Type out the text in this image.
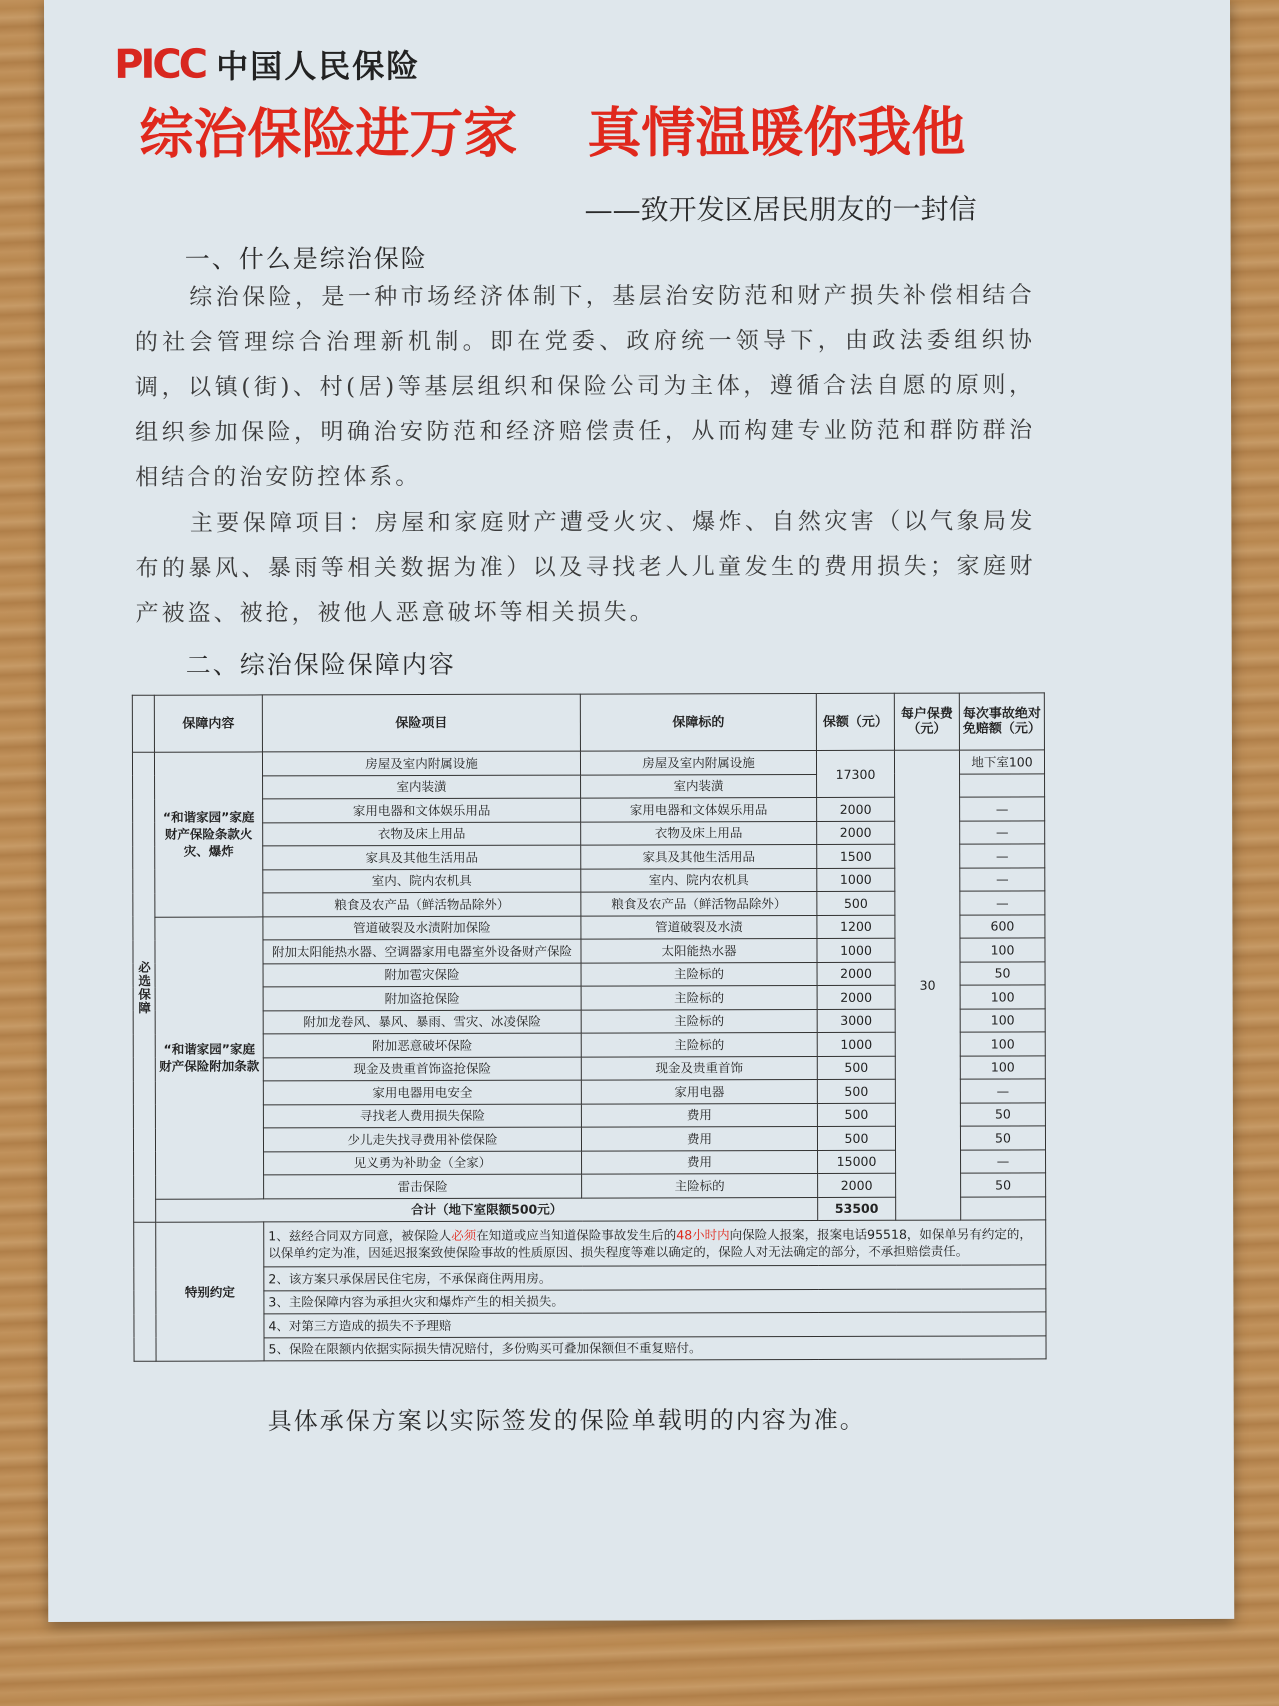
PICC 中国人民保险
综治保险进万家 真情温暖你我他
——致开发区居民朋友的一封信
一、什么是综治保险
综治保险，是一种市场经济体制下，基层治安防范和财产损失补偿相结合的社会管理综合治理新机制。即在党委、政府统一领导下，由政法委组织协调，以镇(街)、村(居)等基层组织和保险公司为主体，遵循合法自愿的原则，组织参加保险，明确治安防范和经济赔偿责任，从而构建专业防范和群防群治相结合的治安防控体系。
主要保障项目：房屋和家庭财产遭受火灾、爆炸、自然灾害（以气象局发布的暴风、暴雨等相关数据为准）以及寻找老人儿童发生的费用损失；家庭财产被盗、被抢，被他人恶意破坏等相关损失。
二、综治保险保障内容
	保障内容	保险项目	保障标的	保额（元）	每户保费（元）	每次事故绝对免赔额（元）
必选保障	“和谐家园”家庭财产保险条款火灾、爆炸	房屋及室内附属设施	房屋及室内附属设施	17300	30	地下室100
		室内装潢	室内装潢			
		家用电器和文体娱乐用品	家用电器和文体娱乐用品	2000		—
		衣物及床上用品	衣物及床上用品	2000		—
		家具及其他生活用品	家具及其他生活用品	1500		—
		室内、院内农机具	室内、院内农机具	1000		—
		粮食及农产品（鲜活物品除外）	粮食及农产品（鲜活物品除外）	500		—
	“和谐家园”家庭财产保险附加条款	管道破裂及水渍附加保险	管道破裂及水渍	1200		600
		附加太阳能热水器、空调器家用电器室外设备财产保险	太阳能热水器	1000		100
		附加雹灾保险	主险标的	2000		50
		附加盗抢保险	主险标的	2000		100
		附加龙卷风、暴风、暴雨、雪灾、冰凌保险	主险标的	3000		100
		附加恶意破坏保险	主险标的	1000		100
		现金及贵重首饰盗抢保险	现金及贵重首饰	500		100
		家用电器用电安全	家用电器	500		—
		寻找老人费用损失保险	费用	500		50
		少儿走失找寻费用补偿保险	费用	500		50
		见义勇为补助金（全家）	费用	15000		—
		雷击保险	主险标的	2000		50
	合计（地下室限额500元）			53500		
	特别约定	1、兹经合同双方同意，被保险人必须在知道或应当知道保险事故发生后的48小时内向保险人报案，报案电话95518，如保单另有约定的，以保单约定为准，因延迟报案致使保险事故的性质原因、损失程度等难以确定的，保险人对无法确定的部分，不承担赔偿责任。				
		2、该方案只承保居民住宅房，不承保商住两用房。				
		3、主险保障内容为承担火灾和爆炸产生的相关损失。				
		4、对第三方造成的损失不予理赔				
		5、保险在限额内依据实际损失情况赔付，多份购买可叠加保额但不重复赔付。				
具体承保方案以实际签发的保险单载明的内容为准。
